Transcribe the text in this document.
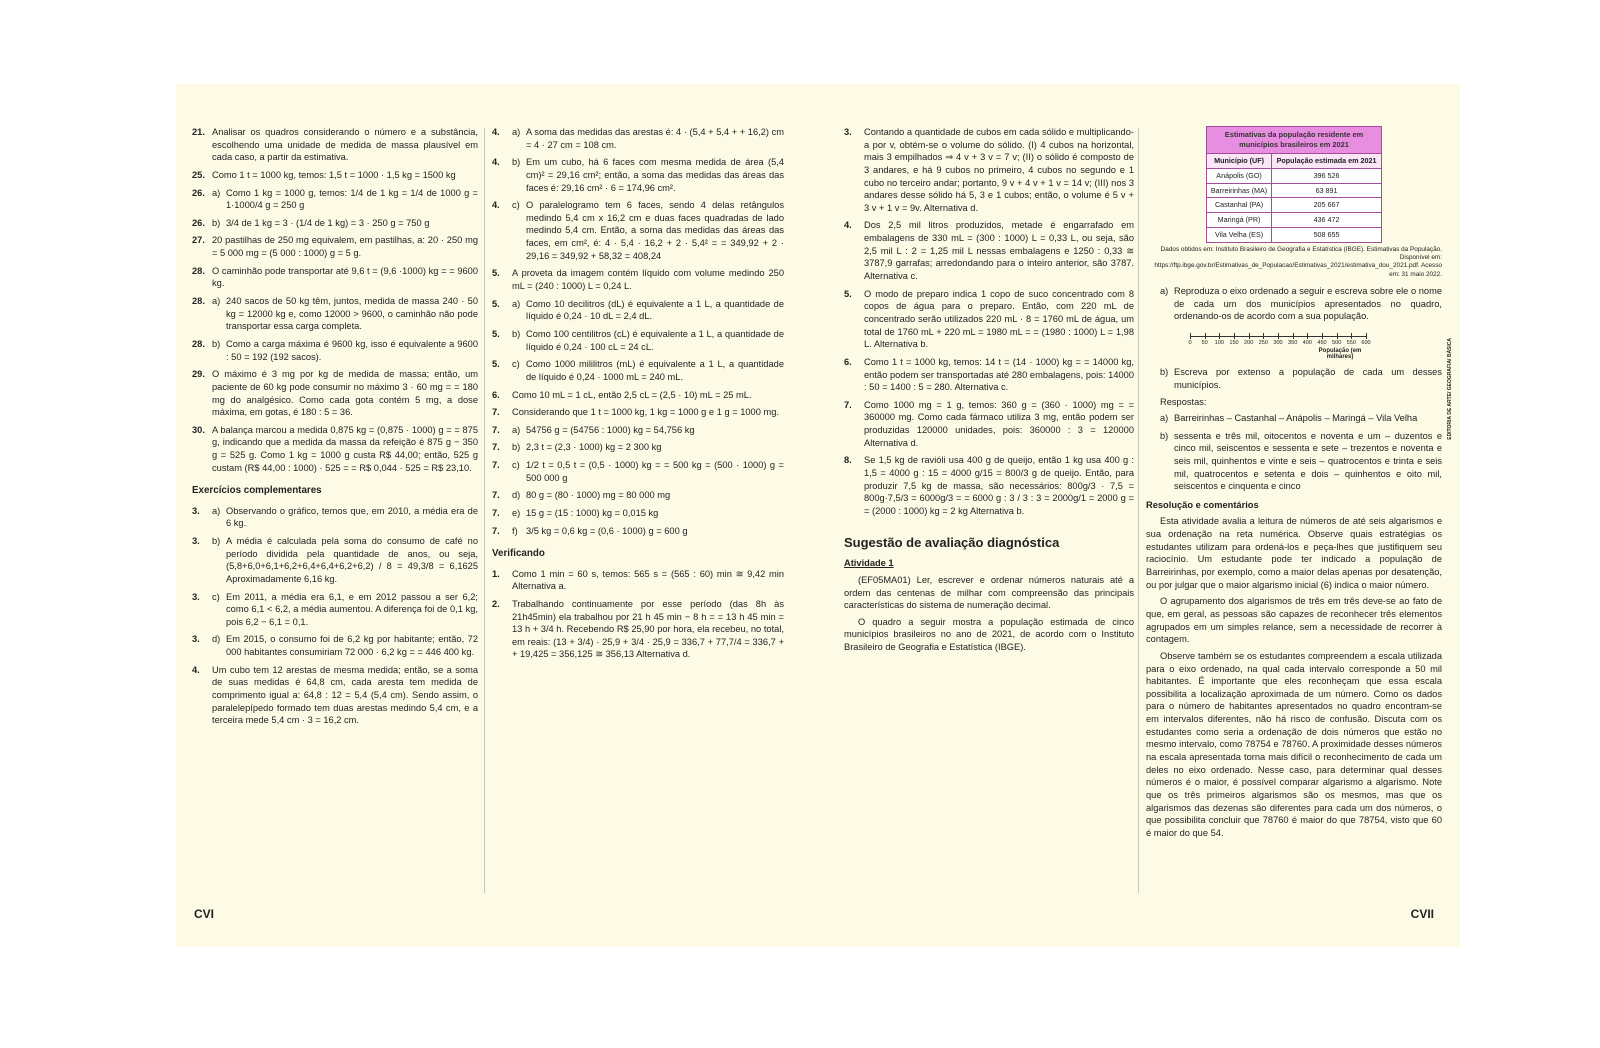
21. Analisar os quadros considerando o número e a substância, escolhendo uma unidade de medida de massa plausível em cada caso, a partir da estimativa.
25. Como 1 t = 1000 kg, temos: 1,5 t = 1000 · 1,5 kg = 1500 kg
26. a) Como 1 kg = 1000 g, temos: 1/4 de 1 kg = 1/4 de 1000 g = 1·1000/4 g = 250 g
26. b) 3/4 de 1 kg = 3 · (1/4 de 1 kg) = 3 · 250 g = 750 g
27. 20 pastilhas de 250 mg equivalem, em pastilhas, a: 20 · 250 mg = 5 000 mg = (5 000 : 1000) g = 5 g.
28. O caminhão pode transportar até 9,6 t = (9,6 ·1000) kg = = 9600 kg.
28. a) 240 sacos de 50 kg têm, juntos, medida de massa 240 · 50 kg = 12000 kg e, como 12000 > 9600, o caminhão não pode transportar essa carga completa.
28. b) Como a carga máxima é 9600 kg, isso é equivalente a 9600 : 50 = 192 (192 sacos).
29. O máximo é 3 mg por kg de medida de massa; então, um paciente de 60 kg pode consumir no máximo 3 · 60 mg = = 180 mg do analgésico. Como cada gota contém 5 mg, a dose máxima, em gotas, é 180 : 5 = 36.
30. A balança marcou a medida 0,875 kg = (0,875 · 1000) g = = 875 g, indicando que a medida da massa da refeição é 875 g − 350 g = 525 g. Como 1 kg = 1000 g custa R$ 44,00; então, 525 g custam (R$ 44,00 : 1000) · 525 = = R$ 0,044 · 525 = R$ 23,10.
Exercícios complementares
3.	a) Observando o gráfico, temos que, em 2010, a média era de 6 kg.
3.	b) A média é calculada pela soma do consumo de café no período dividida pela quantidade de anos, ou seja, (5,8+6,0+6,1+6,2+6,4+6,4+6,2+6,2) / 8 = 49,3/8 = 6,1625 Aproximadamente 6,16 kg.
3.	c) Em 2011, a média era 6,1, e em 2012 passou a ser 6,2; como 6,1 < 6,2, a média aumentou. A diferença foi de 0,1 kg, pois 6,2 − 6,1 = 0,1.
3.	d) Em 2015, o consumo foi de 6,2 kg por habitante; então, 72 000 habitantes consumiriam 72 000 · 6,2 kg = = 446 400 kg.
4.	Um cubo tem 12 arestas de mesma medida; então, se a soma de suas medidas é 64,8 cm, cada aresta tem medida de comprimento igual a: 64,8 : 12 = 5,4 (5,4 cm). Sendo assim, o paralelepípedo formado tem duas arestas medindo 5,4 cm, e a terceira mede 5,4 cm · 3 = 16,2 cm.
4.	a) A soma das medidas das arestas é: 4 · (5,4 + 5,4 + + 16,2) cm = 4 · 27 cm = 108 cm.
4.	b) Em um cubo, há 6 faces com mesma medida de área (5,4 cm)² = 29,16 cm²; então, a soma das medidas das áreas das faces é: 29,16 cm² · 6 = 174,96 cm².
4.	c) O paralelogramo tem 6 faces, sendo 4 delas retângulos medindo 5,4 cm x 16,2 cm e duas faces quadradas de lado medindo 5,4 cm. Então, a soma das medidas das áreas das faces, em cm², é: 4 · 5,4 · 16,2 + 2 · 5,4² = = 349,92 + 2 · 29,16 = 349,92 + 58,32 = 408,24
5.	A proveta da imagem contém líquido com volume medindo 250 mL = (240 : 1000) L = 0,24 L.
5.	a) Como 10 decilitros (dL) é equivalente a 1 L, a quantidade de líquido é 0,24 · 10 dL = 2,4 dL.
5.	b) Como 100 centilitros (cL) é equivalente a 1 L, a quantidade de líquido é 0,24 · 100 cL = 24 cL.
5.	c) Como 1000 mililitros (mL) é equivalente a 1 L, a quantidade de líquido é 0,24 · 1000 mL = 240 mL.
6.	Como 10 mL = 1 cL, então 2,5 cL = (2,5 · 10) mL = 25 mL.
7.	Considerando que 1 t = 1000 kg, 1 kg = 1000 g e 1 g = 1000 mg.
7.	a) 54756 g = (54756 : 1000) kg = 54,756 kg
7.	b) 2,3 t = (2,3 · 1000) kg = 2 300 kg
7.	c) 1/2 t = 0,5 t = (0,5 · 1000) kg = = 500 kg = (500 · 1000) g = 500 000 g
7.	d) 80 g = (80 · 1000) mg = 80 000 mg
7.	e) 15 g = (15 : 1000) kg = 0,015 kg
7.	f) 3/5 kg = 0,6 kg = (0,6 · 1000) g = 600 g
Verificando
1.	Como 1 min = 60 s, temos: 565 s = (565 : 60) min ≅ 9,42 min Alternativa a.
2.	Trabalhando continuamente por esse período (das 8h às 21h45min) ela trabalhou por 21 h 45 min − 8 h = = 13 h 45 min = 13 h + 3/4 h. Recebendo R$ 25,90 por hora, ela recebeu, no total, em reais: (13 + 3/4) · 25,9 + 3/4 · 25,9 = 336,7 + 77,7/4 = 336,7 + + 19,425 = 356,125 ≅ 356,13 Alternativa d.
3.	Contando a quantidade de cubos em cada sólido e multiplicando-a por v, obtém-se o volume do sólido. (I) 4 cubos na horizontal, mais 3 empilhados ⇒ 4 v + 3 v = 7 v; (II) o sólido é composto de 3 andares, e há 9 cubos no primeiro, 4 cubos no segundo e 1 cubo no terceiro andar; portanto, 9 v + 4 v + 1 v = 14 v; (III) nos 3 andares desse sólido há 5, 3 e 1 cubos; então, o volume é 5 v + 3 v + 1 v = 9v. Alternativa d.
4.	Dos 2,5 mil litros produzidos, metade é engarrafado em embalagens de 330 mL = (300 : 1000) L = 0,33 L, ou seja, são 2,5 mil L : 2 = 1,25 mil L nessas embalagens e 1250 : 0,33 ≅ 3787,9 garrafas; arredondando para o inteiro anterior, são 3787. Alternativa c.
5.	O modo de preparo indica 1 copo de suco concentrado com 8 copos de água para o preparo. Então, com 220 mL de concentrado serão utilizados 220 mL · 8 = 1760 mL de água, um total de 1760 mL + 220 mL = 1980 mL = = (1980 : 1000) L = 1,98 L. Alternativa b.
6.	Como 1 t = 1000 kg, temos: 14 t = (14 · 1000) kg = = 14000 kg, então podem ser transportadas até 280 embalagens, pois: 14000 : 50 = 1400 : 5 = 280. Alternativa c.
7.	Como 1000 mg = 1 g, temos: 360 g = (360 · 1000) mg = = 360000 mg. Como cada fármaco utiliza 3 mg, então podem ser produzidas 120000 unidades, pois: 360000 : 3 = 120000 Alternativa d.
8.	Se 1,5 kg de ravióli usa 400 g de queijo, então 1 kg usa 400 g : 1,5 = 4000 g : 15 = 4000 g/15 = 800/3 g de queijo. Então, para produzir 7,5 kg de massa, são necessários: 800g/3 · 7,5 = 800g·7,5/3 = 6000g/3 = = 6000 g : 3 / 3 : 3 = 2000g/1 = 2000 g = = (2000 : 1000) kg = 2 kg Alternativa b.
Sugestão de avaliação diagnóstica
Atividade 1
(EF05MA01) Ler, escrever e ordenar números naturais até a ordem das centenas de milhar com compreensão das principais características do sistema de numeração decimal.
O quadro a seguir mostra a população estimada de cinco municípios brasileiros no ano de 2021, de acordo com o Instituto Brasileiro de Geografia e Estatística (IBGE).
Estimativas da população residente em municípios brasileiros em 2021
Município (UF)	População estimada em 2021
Anápolis (GO)	396 526
Barreirinhas (MA)	63 891
Castanhal (PA)	205 667
Maringá (PR)	436 472
Vila Velha (ES)	508 655
Dados obtidos em: Instituto Brasileiro de Geografia e Estatística (IBGE). Estimativas da População. Disponível em: https://ftp.ibge.gov.br/Estimativas_de_Populacao/Estimativas_2021/estimativa_dou_2021.pdf. Acesso em: 31 maio 2022.
a) Reproduza o eixo ordenado a seguir e escreva sobre ele o nome de cada um dos municípios apresentados no quadro, ordenando-os de acordo com a sua população.
População (em milhares)
0 50 100 150 200 250 300 350 400 450 500 550 600
b) Escreva por extenso a população de cada um desses municípios.
Respostas:
a) Barreirinhas – Castanhal – Anápolis – Maringá – Vila Velha
b) sessenta e três mil, oitocentos e noventa e um – duzentos e cinco mil, seiscentos e sessenta e sete – trezentos e noventa e seis mil, quinhentos e vinte e seis – quatrocentos e trinta e seis mil, quatrocentos e setenta e dois – quinhentos e oito mil, seiscentos e cinquenta e cinco
Resolução e comentários
Esta atividade avalia a leitura de números de até seis algarismos e sua ordenação na reta numérica. Observe quais estratégias os estudantes utilizam para ordená-los e peça-lhes que justifiquem seu raciocínio. Um estudante pode ter indicado a população de Barreirinhas, por exemplo, como a maior delas apenas por desatenção, ou por julgar que o maior algarismo inicial (6) indica o maior número.
O agrupamento dos algarismos de três em três deve-se ao fato de que, em geral, as pessoas são capazes de reconhecer três elementos agrupados em um simples relance, sem a necessidade de recorrer à contagem.
Observe também se os estudantes compreendem a escala utilizada para o eixo ordenado, na qual cada intervalo corresponde a 50 mil habitantes. É importante que eles reconheçam que essa escala possibilita a localização aproximada de um número. Como os dados para o número de habitantes apresentados no quadro encontram-se em intervalos diferentes, não há risco de confusão. Discuta com os estudantes como seria a ordenação de dois números que estão no mesmo intervalo, como 78754 e 78760. A proximidade desses números na escala apresentada torna mais difícil o reconhecimento de cada um deles no eixo ordenado. Nesse caso, para determinar qual desses números é o maior, é possível comparar algarismo a algarismo. Note que os três primeiros algarismos são os mesmos, mas que os algarismos das dezenas são diferentes para cada um dos números, o que possibilita concluir que 78760 é maior do que 78754, visto que 60 é maior do que 54.
EDITORIA DE ARTE/ GEOGRAFIA/ BÁSICA
CVI	CVII
